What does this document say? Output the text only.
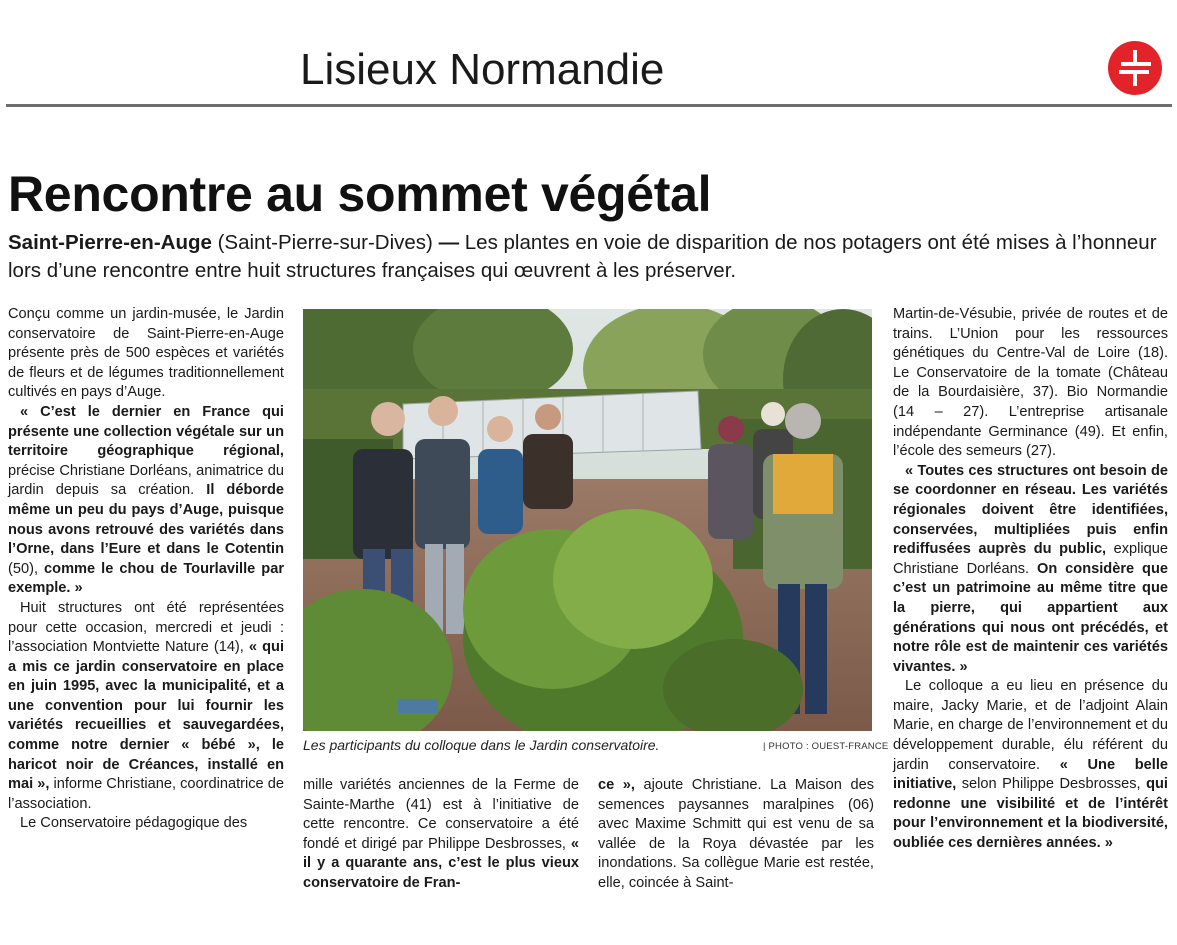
Lisieux Normandie
Rencontre au sommet végétal
Saint-Pierre-en-Auge (Saint-Pierre-sur-Dives) — Les plantes en voie de disparition de nos potagers ont été mises à l’honneur lors d’une rencontre entre huit structures françaises qui œuvrent à les préserver.

Conçu comme un jardin-musée, le Jardin conservatoire de Saint-Pierre-en-Auge présente près de 500 espèces et variétés de fleurs et de légumes traditionnellement cultivés en pays d’Auge.

« C’est le dernier en France qui présente une collection végétale sur un territoire géographique régional, précise Christiane Dorléans, animatrice du jardin depuis sa création. Il déborde même un peu du pays d’Auge, puisque nous avons retrouvé des variétés dans l’Orne, dans l’Eure et dans le Cotentin (50), comme le chou de Tourlaville par exemple. »

Huit structures ont été représentées pour cette occasion, mercredi et jeudi : l’association Montviette Nature (14), « qui a mis ce jardin conservatoire en place en juin 1995, avec la municipalité, et a une convention pour lui fournir les variétés recueillies et sauvegardées, comme notre dernier « bébé », le haricot noir de Créances, installé en mai », informe Christiane, coordinatrice de l’association.

Le Conservatoire pédagogique des

Les participants du colloque dans le Jardin conservatoire.	| PHOTO : OUEST-FRANCE

mille variétés anciennes de la Ferme de Sainte-Marthe (41) est à l’initiative de cette rencontre. Ce conservatoire a été fondé et dirigé par Philippe Desbrosses, « il y a quarante ans, c’est le plus vieux conservatoire de Fran-

ce », ajoute Christiane. La Maison des semences paysannes maralpines (06) avec Maxime Schmitt qui est venu de sa vallée de la Roya dévastée par les inondations. Sa collègue Marie est restée, elle, coincée à Saint-

Martin-de-Vésubie, privée de routes et de trains. L’Union pour les ressources génétiques du Centre-Val de Loire (18). Le Conservatoire de la tomate (Château de la Bourdaisière, 37). Bio Normandie (14 – 27). L’entreprise artisanale indépendante Germinance (49). Et enfin, l’école des semeurs (27).

« Toutes ces structures ont besoin de se coordonner en réseau. Les variétés régionales doivent être identifiées, conservées, multipliées puis enfin rediffusées auprès du public, explique Christiane Dorléans. On considère que c’est un patrimoine au même titre que la pierre, qui appartient aux générations qui nous ont précédés, et notre rôle est de maintenir ces variétés vivantes. »

Le colloque a eu lieu en présence du maire, Jacky Marie, et de l’adjoint Alain Marie, en charge de l’environnement et du développement durable, élu référent du jardin conservatoire. « Une belle initiative, selon Philippe Desbrosses, qui redonne une visibilité et de l’intérêt pour l’environnement et la biodiversité, oubliée ces dernières années. »
